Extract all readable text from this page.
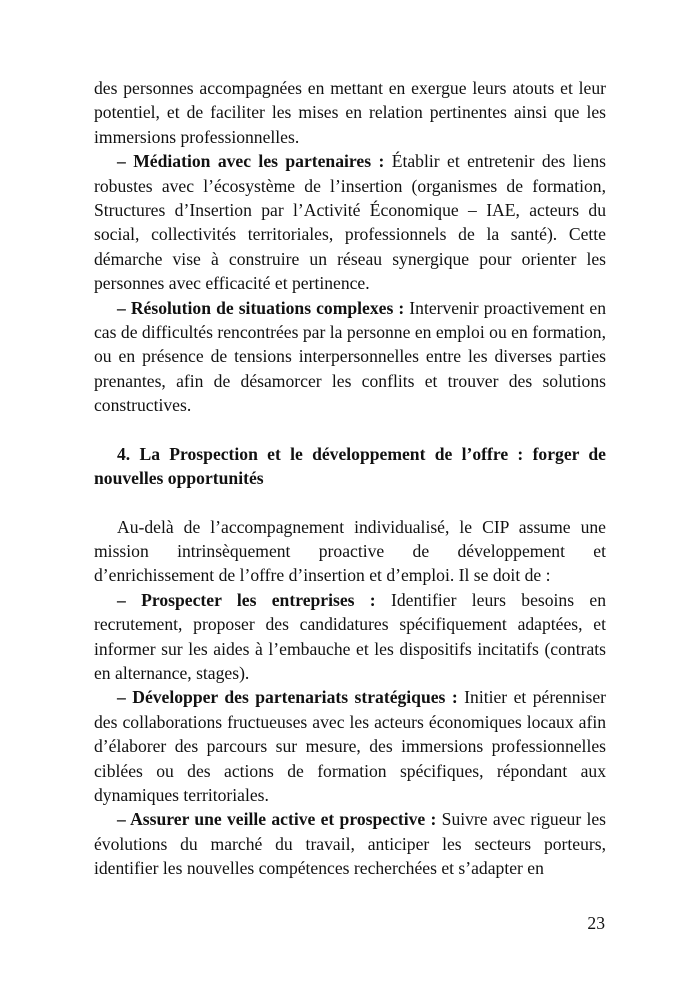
des personnes accompagnées en mettant en exergue leurs atouts et leur potentiel, et de faciliter les mises en relation pertinentes ainsi que les immersions professionnelles.

– Médiation avec les partenaires : Établir et entretenir des liens robustes avec l’écosystème de l’insertion (organismes de formation, Structures d’Insertion par l’Activité Économique – IAE, acteurs du social, collectivités territoriales, professionnels de la santé). Cette démarche vise à construire un réseau synergique pour orienter les personnes avec efficacité et pertinence.

– Résolution de situations complexes : Intervenir proactivement en cas de difficultés rencontrées par la personne en emploi ou en formation, ou en présence de tensions interpersonnelles entre les diverses parties prenantes, afin de désamorcer les conflits et trouver des solutions constructives.

4. La Prospection et le développement de l’offre : forger de nouvelles opportunités

Au-delà de l’accompagnement individualisé, le CIP assume une mission intrinsèquement proactive de développement et d’enrichissement de l’offre d’insertion et d’emploi. Il se doit de :

– Prospecter les entreprises : Identifier leurs besoins en recrutement, proposer des candidatures spécifiquement adaptées, et informer sur les aides à l’embauche et les dispositifs incitatifs (contrats en alternance, stages).

– Développer des partenariats stratégiques : Initier et pérenniser des collaborations fructueuses avec les acteurs économiques locaux afin d’élaborer des parcours sur mesure, des immersions professionnelles ciblées ou des actions de formation spécifiques, répondant aux dynamiques territoriales.

– Assurer une veille active et prospective : Suivre avec rigueur les évolutions du marché du travail, anticiper les secteurs porteurs, identifier les nouvelles compétences recherchées et s’adapter en

23
